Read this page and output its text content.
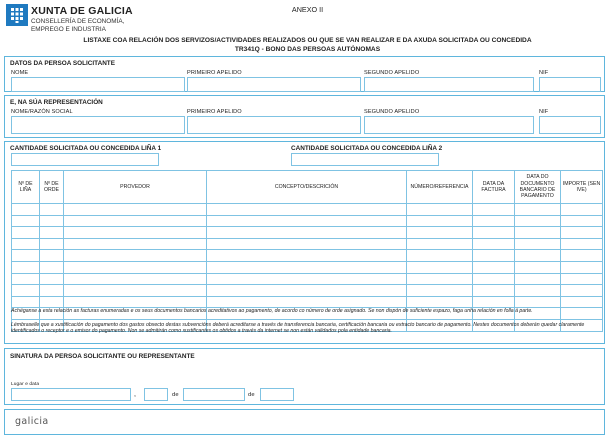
XUNTA DE GALICIA
CONSELLERÍA DE ECONOMÍA,
EMPREGO E INDUSTRIA
ANEXO II
LISTAXE COA RELACIÓN DOS SERVIZOS/ACTIVIDADES REALIZADOS OU QUE SE VAN REALIZAR E DA AXUDA SOLICITADA OU CONCEDIDA
TR341Q - BONO DAS PERSOAS AUTÓNOMAS
DATOS DA PERSOA SOLICITANTE
NOME	PRIMEIRO APELIDO	SEGUNDO APELIDO	NIF
E, NA SÚA REPRESENTACIÓN
NOME/RAZÓN SOCIAL	PRIMEIRO APELIDO	SEGUNDO APELIDO	NIF
CANTIDADE SOLICITADA OU CONCEDIDA LIÑA 1	CANTIDADE SOLICITADA OU CONCEDIDA LIÑA 2
Nº DE LIÑA	Nº DE ORDE	PROVEDOR	CONCEPTO/DESCRICIÓN	NÚMERO/REFERENCIA	DATA DA FACTURA	DATA DO DOCUMENTO BANCARIO DE PAGAMENTO	IMPORTE (SEN IVE)

Achéganse a esta relación as facturas enumeradas e os seus documentos bancarios acreditativos ao pagamento, de acordo co número de orde asignado. Se non dispón de suficiente espazo, faga unha relación en folla á parte.
Lémbraselle que a xustificación do pagamento dos gastos obxecto destas subvencións deberá acreditarse a través de transferencia bancaria, certificación bancaria ou extracto bancario de pagamento. Nestes documentos deberán quedar claramente identificados o receptor e o emisor do pagamento. Non se admitirán como xustificantes os obtidos a través da internet se non están validados pola entidade bancaria.
SINATURA DA PERSOA SOLICITANTE OU REPRESENTANTE
Lugar e data
,	de	de
galicia
